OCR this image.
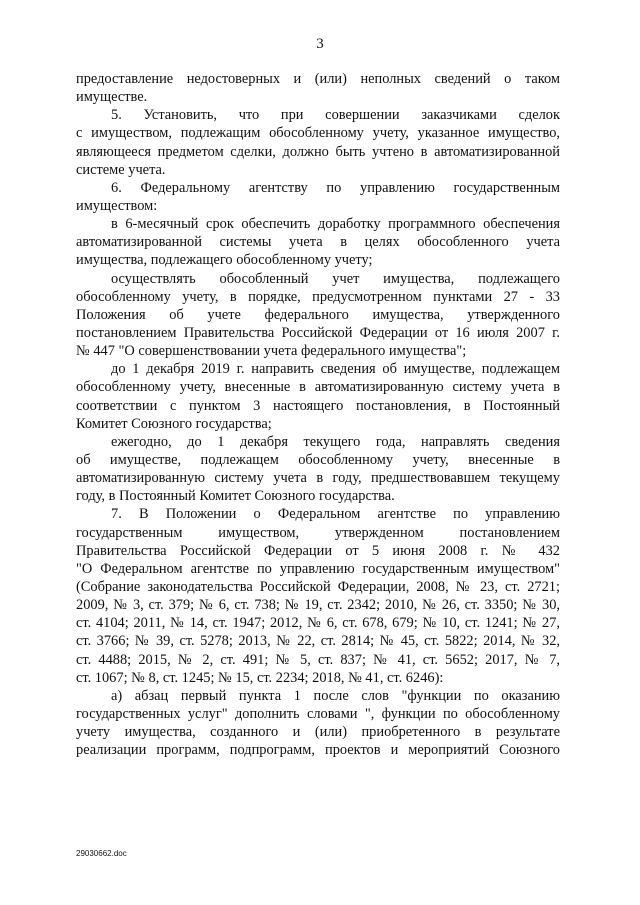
3
предоставление недостоверных и (или) неполных сведений о таком
имуществе.
5. Установить, что при совершении заказчиками сделок
с имуществом, подлежащим обособленному учету, указанное имущество,
являющееся предметом сделки, должно быть учтено в автоматизированной
системе учета.
6. Федеральному агентству по управлению государственным
имуществом:
в 6-месячный срок обеспечить доработку программного обеспечения
автоматизированной системы учета в целях обособленного учета
имущества, подлежащего обособленному учету;
осуществлять обособленный учет имущества, подлежащего
обособленному учету, в порядке, предусмотренном пунктами 27 - 33
Положения об учете федерального имущества, утвержденного
постановлением Правительства Российской Федерации от 16 июля 2007 г.
№ 447 "О совершенствовании учета федерального имущества";
до 1 декабря 2019 г. направить сведения об имуществе, подлежащем
обособленному учету, внесенные в автоматизированную систему учета в
соответствии с пунктом 3 настоящего постановления, в Постоянный
Комитет Союзного государства;
ежегодно, до 1 декабря текущего года, направлять сведения
об имуществе, подлежащем обособленному учету, внесенные в
автоматизированную систему учета в году, предшествовавшем текущему
году, в Постоянный Комитет Союзного государства.
7. В Положении о Федеральном агентстве по управлению
государственным имуществом, утвержденном постановлением
Правительства Российской Федерации от 5 июня 2008 г. № 432
"О Федеральном агентстве по управлению государственным имуществом"
(Собрание законодательства Российской Федерации, 2008, № 23, ст. 2721;
2009, № 3, ст. 379; № 6, ст. 738; № 19, ст. 2342; 2010, № 26, ст. 3350; № 30,
ст. 4104; 2011, № 14, ст. 1947; 2012, № 6, ст. 678, 679; № 10, ст. 1241; № 27,
ст. 3766; № 39, ст. 5278; 2013, № 22, ст. 2814; № 45, ст. 5822; 2014, № 32,
ст. 4488; 2015, № 2, ст. 491; № 5, ст. 837; № 41, ст. 5652; 2017, № 7,
ст. 1067; № 8, ст. 1245; № 15, ст. 2234; 2018, № 41, ст. 6246):
а) абзац первый пункта 1 после слов "функции по оказанию
государственных услуг" дополнить словами ", функции по обособленному
учету имущества, созданного и (или) приобретенного в результате
реализации программ, подпрограмм, проектов и мероприятий Союзного
29030662.doc
